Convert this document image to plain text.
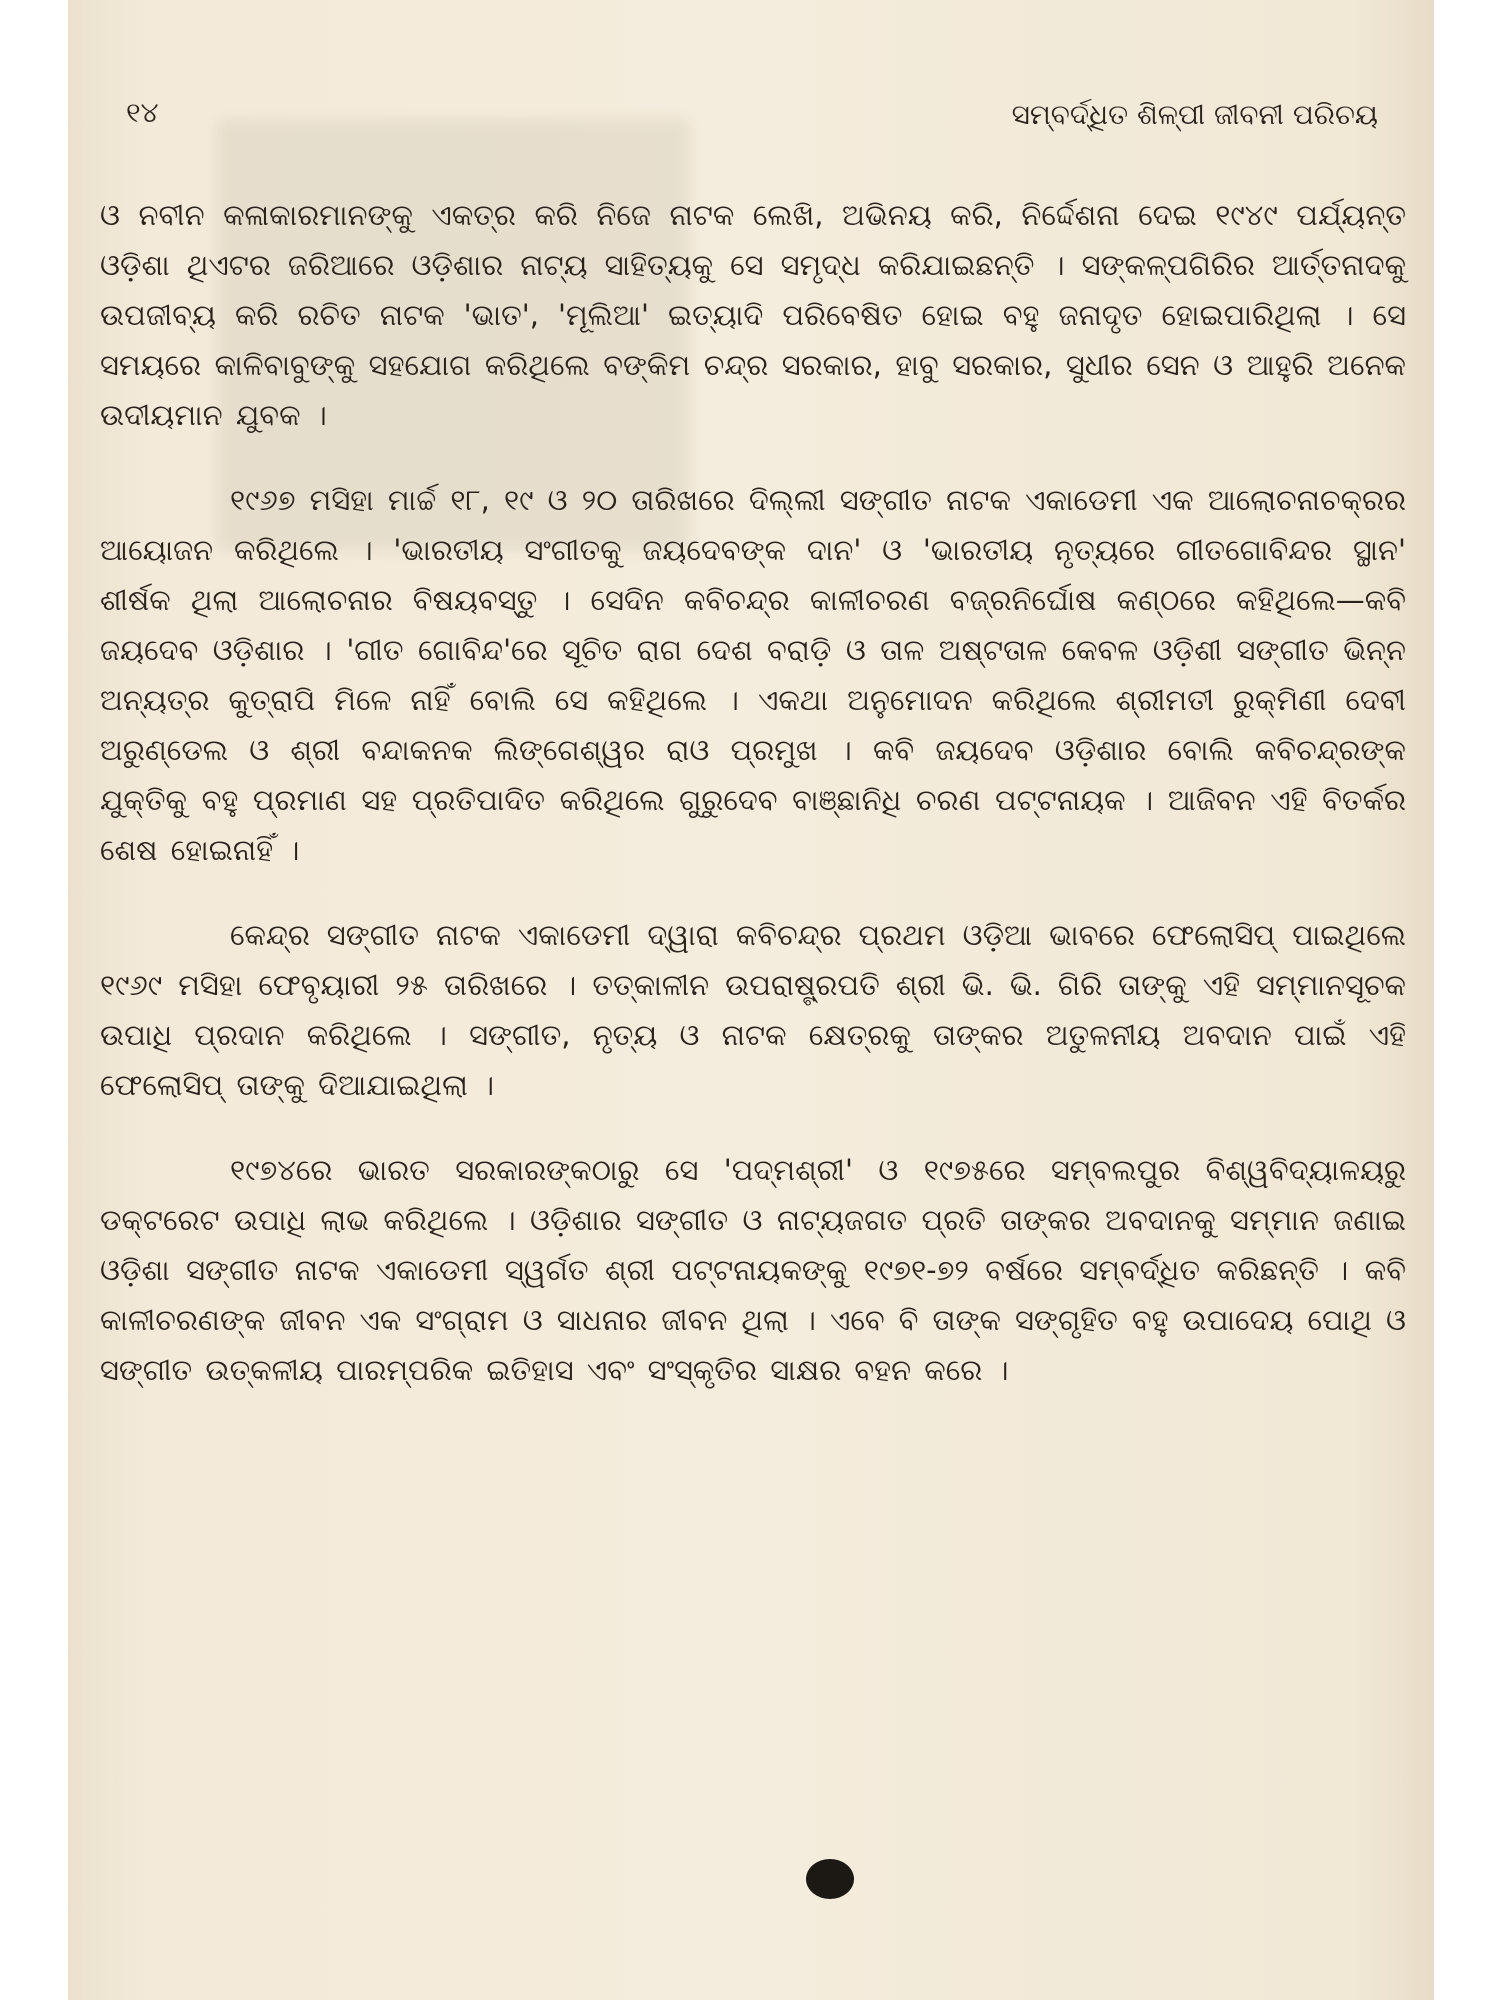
୧୪	ସମ୍ବର୍ଦ୍ଧିତ ଶିଳ୍ପୀ ଜୀବନୀ ପରିଚୟ

ଓ ନବୀନ କଳାକାରମାନଙ୍କୁ ଏକତ୍ର କରି ନିଜେ ନାଟକ ଲେଖି, ଅଭିନୟ କରି, ନିର୍ଦ୍ଦେଶନା ଦେଇ ୧୯୪୯ ପର୍ଯ୍ୟନ୍ତ ଓଡ଼ିଶା ଥିଏଟର ଜରିଆରେ ଓଡ଼ିଶାର ନାଟ୍ୟ ସାହିତ୍ୟକୁ ସେ ସମୃଦ୍ଧ କରିଯାଇଛନ୍ତି । ସଙ୍କଳ୍ପଗିରିର ଆର୍ତ୍ତନାଦକୁ ଉପଜୀବ୍ୟ କରି ରଚିତ ନାଟକ 'ଭାତ', 'ମୂଲିଆ' ଇତ୍ୟାଦି ପରିବେଷିତ ହୋଇ ବହୁ ଜନାଦୃତ ହୋଇପାରିଥିଲା । ସେ ସମୟରେ କାଳିବାବୁଙ୍କୁ ସହଯୋଗ କରିଥିଲେ ବଙ୍କିମ ଚନ୍ଦ୍ର ସରକାର, ହାବୁ ସରକାର, ସୁଧୀର ସେନ ଓ ଆହୁରି ଅନେକ ଉଦୀୟମାନ ଯୁବକ ।

୧୯୬୭ ମସିହା ମାର୍ଚ୍ଚ ୧୮, ୧୯ ଓ ୨୦ ତାରିଖରେ ଦିଲ୍ଲୀ ସଙ୍ଗୀତ ନାଟକ ଏକାଡେମୀ ଏକ ଆଲୋଚନାଚକ୍ରର ଆୟୋଜନ କରିଥିଲେ । 'ଭାରତୀୟ ସଂଗୀତକୁ ଜୟଦେବଙ୍କ ଦାନ' ଓ 'ଭାରତୀୟ ନୃତ୍ୟରେ ଗୀତଗୋବିନ୍ଦର ସ୍ଥାନ' ଶୀର୍ଷକ ଥିଲା ଆଲୋଚନାର ବିଷୟବସ୍ତୁ । ସେଦିନ କବିଚନ୍ଦ୍ର କାଳୀଚରଣ ବଜ୍ରନିର୍ଘୋଷ କଣ୍ଠରେ କହିଥିଲେ—କବି ଜୟଦେବ ଓଡ଼ିଶାର । 'ଗୀତ ଗୋବିନ୍ଦ'ରେ ସୂଚିତ ରାଗ ଦେଶ ବରାଡ଼ି ଓ ତାଳ ଅଷ୍ଟତାଳ କେବଳ ଓଡ଼ିଶୀ ସଙ୍ଗୀତ ଭିନ୍ନ ଅନ୍ୟତ୍ର କୁତ୍ରାପି ମିଳେ ନାହିଁ ବୋଲି ସେ କହିଥିଲେ । ଏକଥା ଅନୁମୋଦନ କରିଥିଲେ ଶ୍ରୀମତୀ ରୁକ୍ମିଣୀ ଦେବୀ ଅରୁଣ୍ଡେଲ ଓ ଶ୍ରୀ ବନ୍ଦାକନକ ଲିଙ୍ଗେଶ୍ୱର ରାଓ ପ୍ରମୁଖ । କବି ଜୟଦେବ ଓଡ଼ିଶାର ବୋଲି କବିଚନ୍ଦ୍ରଙ୍କ ଯୁକ୍ତିକୁ ବହୁ ପ୍ରମାଣ ସହ ପ୍ରତିପାଦିତ କରିଥିଲେ ଗୁରୁଦେବ ବାଞ୍ଛାନିଧି ଚରଣ ପଟ୍ଟନାୟକ । ଆଜିବନ ଏହି ବିତର୍କର ଶେଷ ହୋଇନାହିଁ ।

କେନ୍ଦ୍ର ସଙ୍ଗୀତ ନାଟକ ଏକାଡେମୀ ଦ୍ୱାରା କବିଚନ୍ଦ୍ର ପ୍ରଥମ ଓଡ଼ିଆ ଭାବରେ ଫେଲୋସିପ୍ ପାଇଥିଲେ ୧୯୬୯ ମସିହା ଫେବୃୟାରୀ ୨୫ ତାରିଖରେ । ତତ୍କାଳୀନ ଉପରାଷ୍ଟ୍ରପତି ଶ୍ରୀ ଭି. ଭି. ଗିରି ତାଙ୍କୁ ଏହି ସମ୍ମାନସୂଚକ ଉପାଧି ପ୍ରଦାନ କରିଥିଲେ । ସଙ୍ଗୀତ, ନୃତ୍ୟ ଓ ନାଟକ କ୍ଷେତ୍ରକୁ ତାଙ୍କର ଅତୁଳନୀୟ ଅବଦାନ ପାଇଁ ଏହି ଫେଲୋସିପ୍ ତାଙ୍କୁ ଦିଆଯାଇଥିଲା ।

୧୯୭୪ରେ ଭାରତ ସରକାରଙ୍କଠାରୁ ସେ 'ପଦ୍ମଶ୍ରୀ' ଓ ୧୯୭୫ରେ ସମ୍ବଲପୁର ବିଶ୍ୱବିଦ୍ୟାଳୟରୁ ଡକ୍ଟରେଟ ଉପାଧି ଲାଭ କରିଥିଲେ । ଓଡ଼ିଶାର ସଙ୍ଗୀତ ଓ ନାଟ୍ୟଜଗତ ପ୍ରତି ତାଙ୍କର ଅବଦାନକୁ ସମ୍ମାନ ଜଣାଇ ଓଡ଼ିଶା ସଙ୍ଗୀତ ନାଟକ ଏକାଡେମୀ ସ୍ୱର୍ଗତ ଶ୍ରୀ ପଟ୍ଟନାୟକଙ୍କୁ ୧୯୭୧-୭୨ ବର୍ଷରେ ସମ୍ବର୍ଦ୍ଧିତ କରିଛନ୍ତି । କବି କାଳୀଚରଣଙ୍କ ଜୀବନ ଏକ ସଂଗ୍ରାମ ଓ ସାଧନାର ଜୀବନ ଥିଲା । ଏବେ ବି ତାଙ୍କ ସଙ୍ଗୃହିତ ବହୁ ଉପାଦେୟ ପୋଥି ଓ ସଙ୍ଗୀତ ଉତ୍କଳୀୟ ପାରମ୍ପରିକ ଇତିହାସ ଏବଂ ସଂସ୍କୃତିର ସାକ୍ଷର ବହନ କରେ ।
